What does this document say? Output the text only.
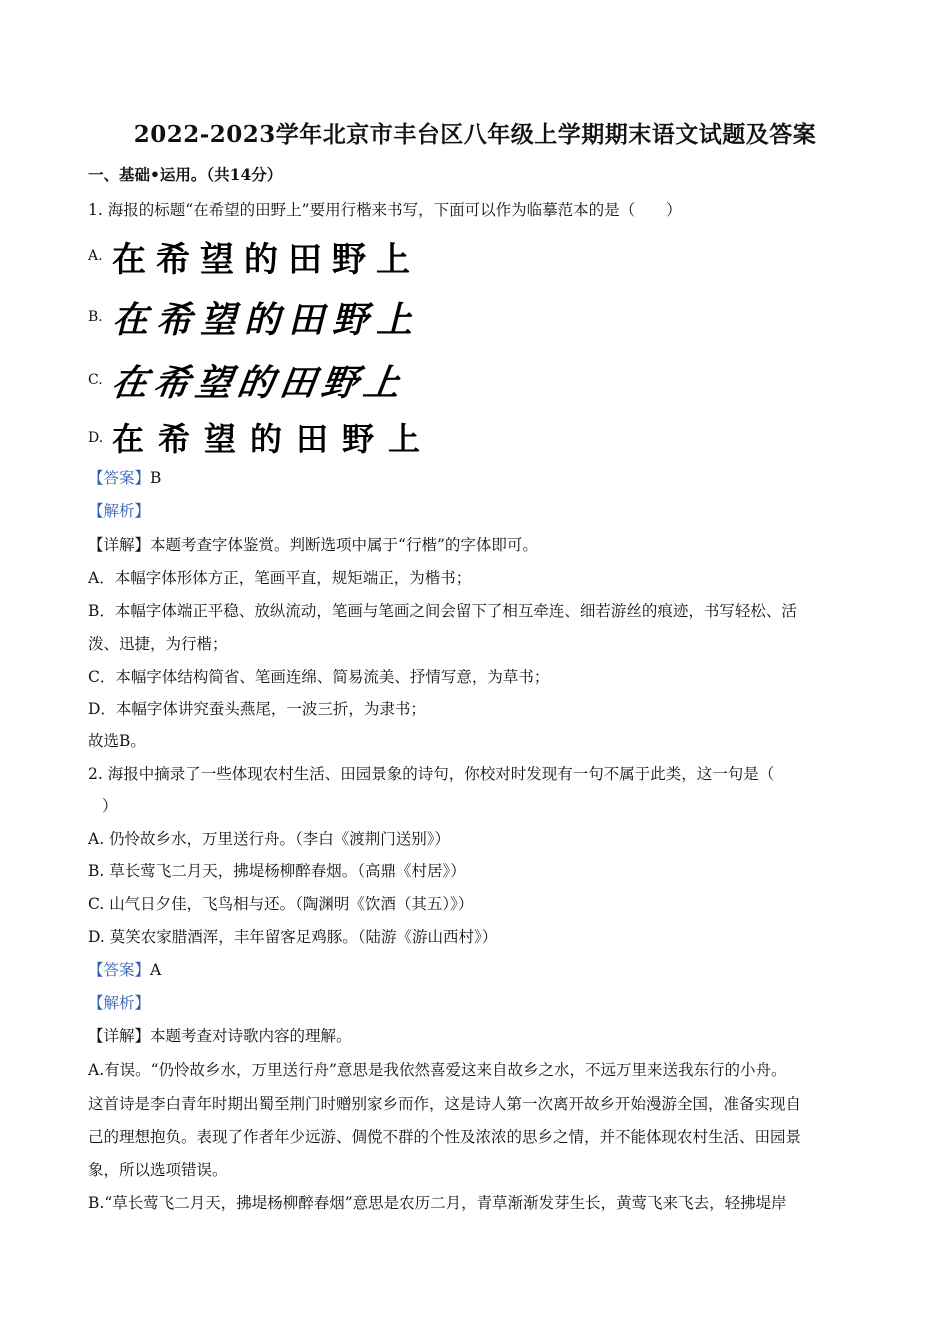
2022-2023学年北京市丰台区八年级上学期期末语文试题及答案
一、基础•运用。（共14分）
1. 海报的标题“在希望的田野上”要用行楷来书写，下面可以作为临摹范本的是（　　）
A. 在希望的田野上
B. 在希望的田野上
C. 在希望的田野上
D. 在希望的田野上
【答案】B
【解析】
【详解】本题考查字体鉴赏。判断选项中属于“行楷”的字体即可。
A．本幅字体形体方正，笔画平直，规矩端正，为楷书；
B．本幅字体端正平稳、放纵流动，笔画与笔画之间会留下了相互牵连、细若游丝的痕迹，书写轻松、活
泼、迅捷，为行楷；
C．本幅字体结构简省、笔画连绵、简易流美、抒情写意，为草书；
D．本幅字体讲究蚕头燕尾，一波三折，为隶书；
故选B。
2. 海报中摘录了一些体现农村生活、田园景象的诗句，你校对时发现有一句不属于此类，这一句是（
）
A. 仍怜故乡水，万里送行舟。（李白《渡荆门送别》）
B. 草长莺飞二月天，拂堤杨柳醉春烟。（高鼎《村居》）
C. 山气日夕佳，飞鸟相与还。（陶渊明《饮酒（其五）》）
D. 莫笑农家腊酒浑，丰年留客足鸡豚。（陆游《游山西村》）
【答案】A
【解析】
【详解】本题考查对诗歌内容的理解。
A.有误。“仍怜故乡水，万里送行舟”意思是我依然喜爱这来自故乡之水，不远万里来送我东行的小舟。
这首诗是李白青年时期出蜀至荆门时赠别家乡而作，这是诗人第一次离开故乡开始漫游全国，准备实现自
己的理想抱负。表现了作者年少远游、倜傥不群的个性及浓浓的思乡之情，并不能体现农村生活、田园景
象，所以选项错误。
B.“草长莺飞二月天，拂堤杨柳醉春烟”意思是农历二月，青草渐渐发芽生长，黄莺飞来飞去，轻拂堤岸
